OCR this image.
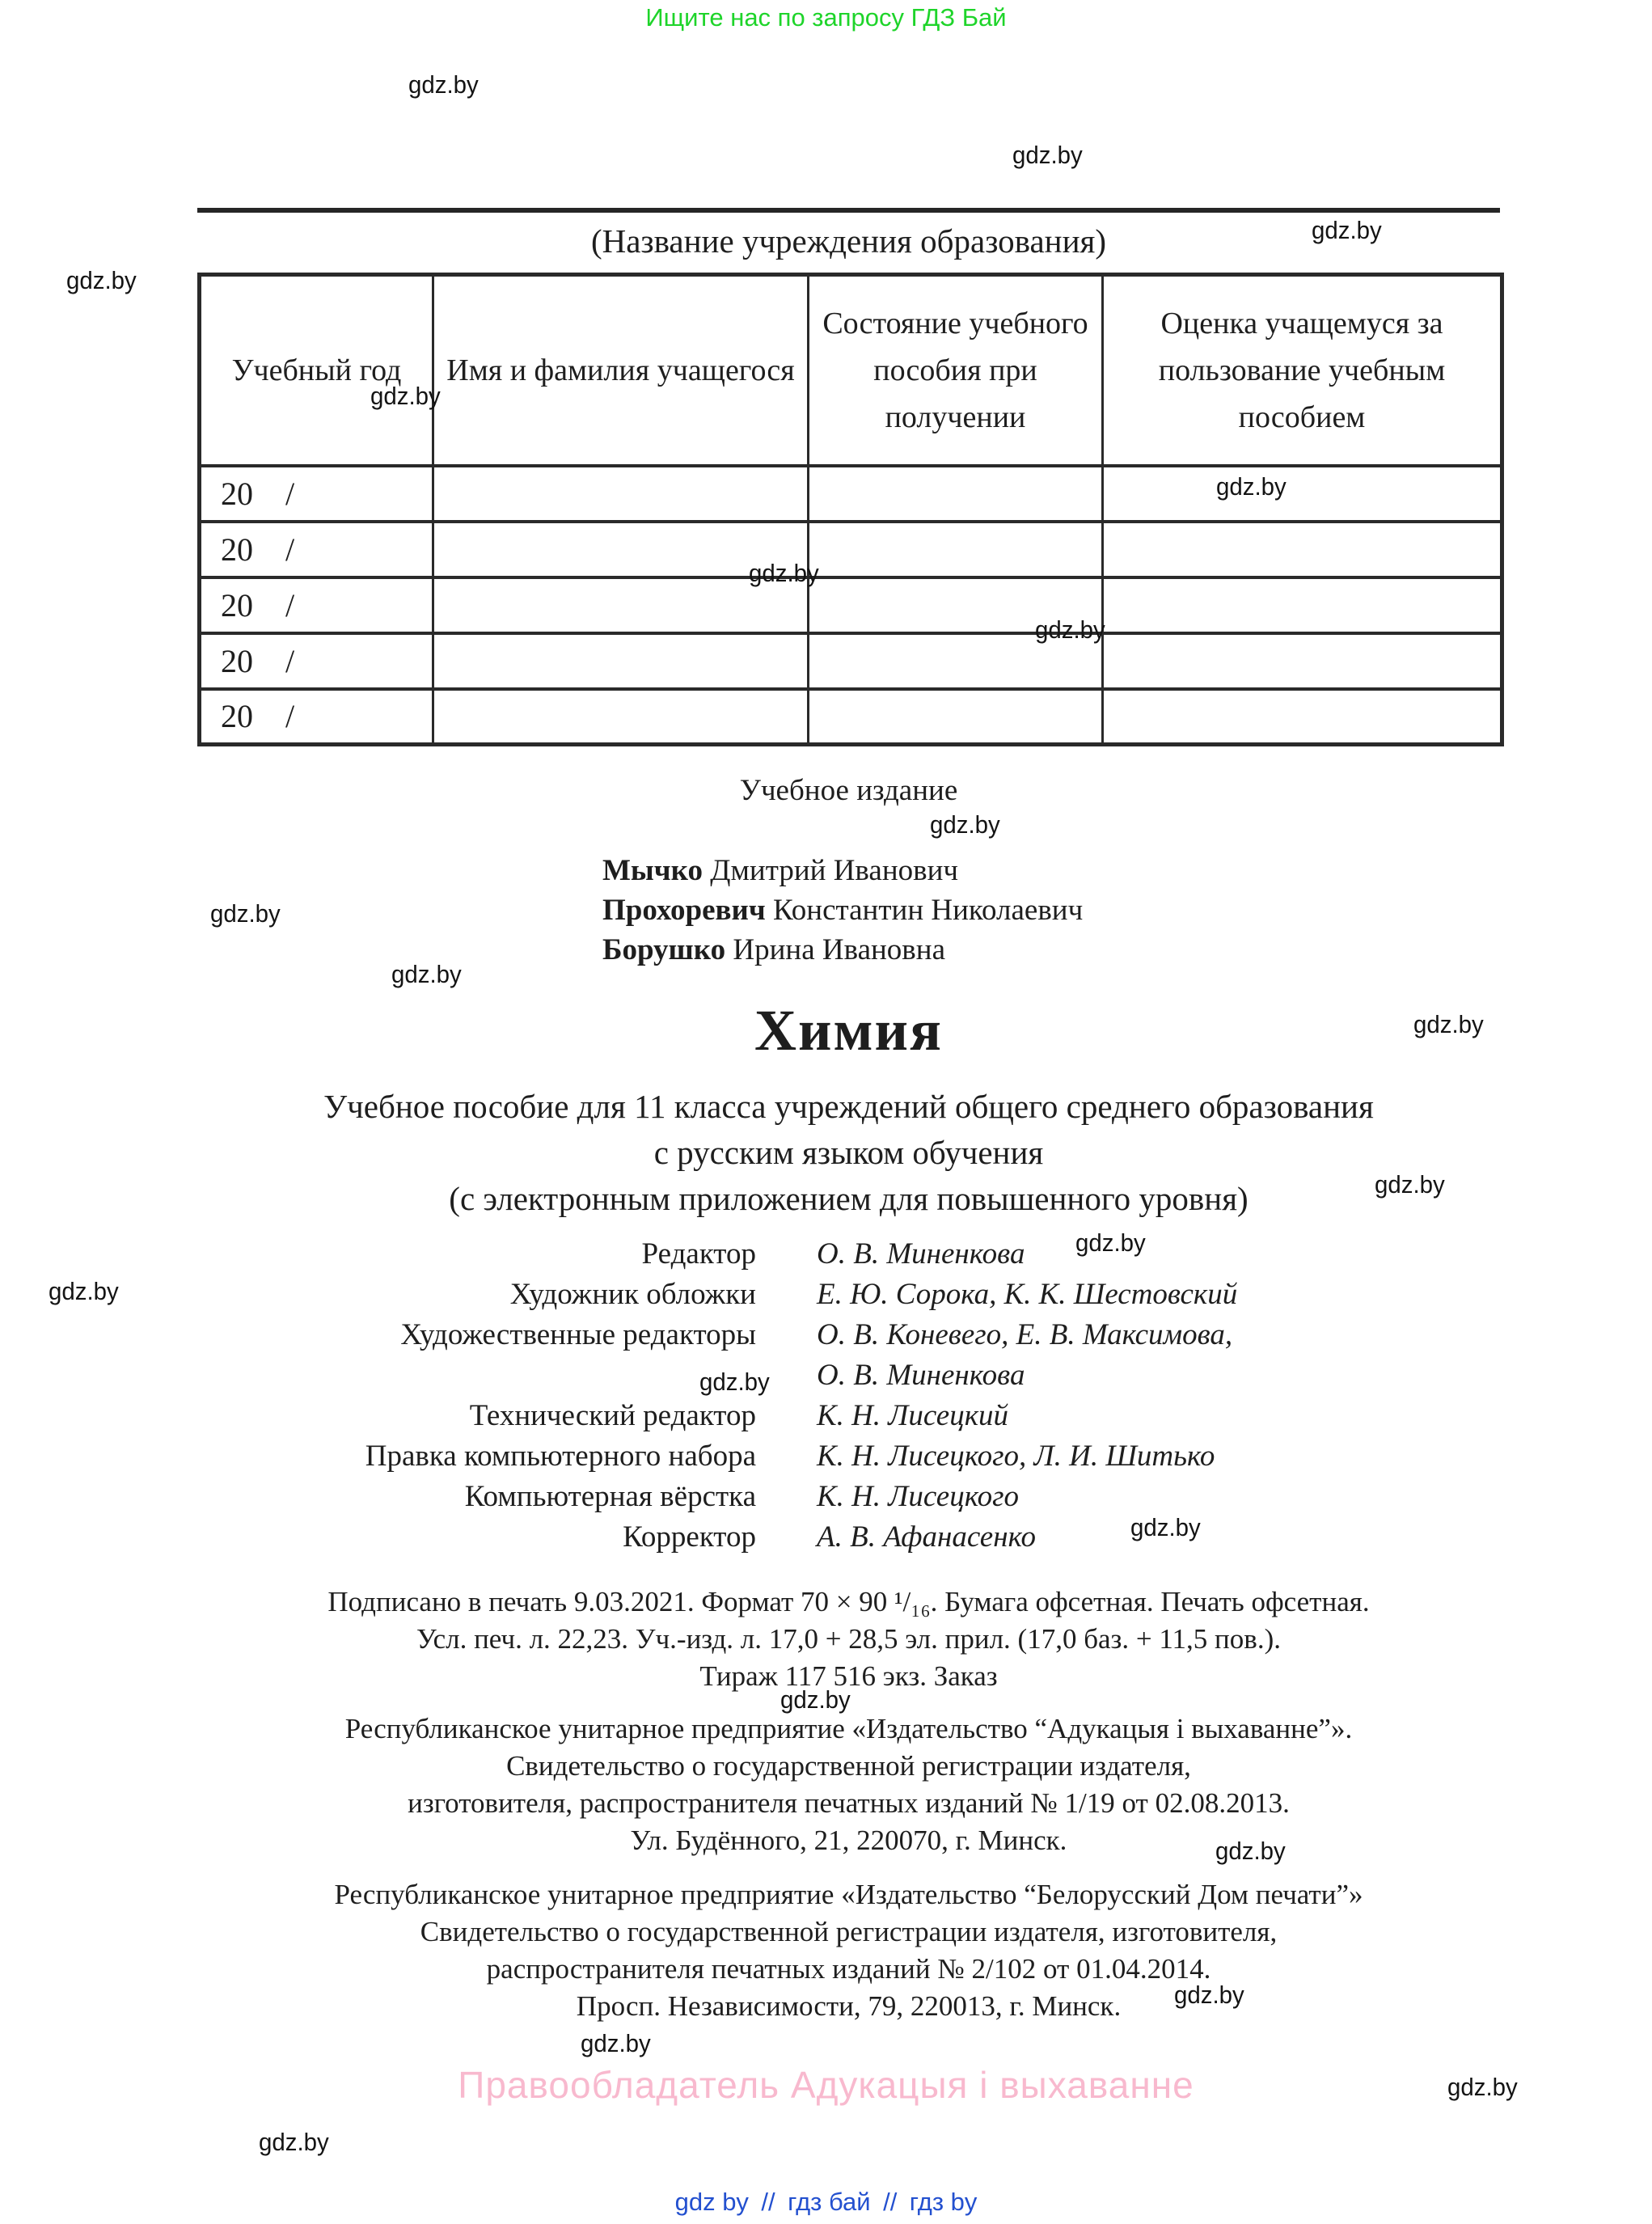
Ищите нас по запросу ГДЗ Бай
(Название учреждения образования)
Учебный год	Имя и фамилия учащегося	Состояние учебного пособия при получении	Оценка учащемуся за пользование учебным пособием
20  /			
20  /			
20  /			
20  /			
20  /			
Учебное издание
Мычко Дмитрий Иванович
Прохоревич Константин Николаевич
Борушко Ирина Ивановна
Химия
Учебное пособие для 11 класса учреждений общего среднего образования
с русским языком обучения
(с электронным приложением для повышенного уровня)
Редактор О. В. Миненкова
Художник обложки Е. Ю. Сорока, К. К. Шестовский
Художественные редакторы О. В. Коневего, Е. В. Максимова,
О. В. Миненкова
Технический редактор К. Н. Лисецкий
Правка компьютерного набора К. Н. Лисецкого, Л. И. Шитько
Компьютерная вёрстка К. Н. Лисецкого
Корректор А. В. Афанасенко
Подписано в печать 9.03.2021. Формат 70 × 90 ¹/₁₆. Бумага офсетная. Печать офсетная.
Усл. печ. л. 22,23. Уч.-изд. л. 17,0 + 28,5 эл. прил. (17,0 баз. + 11,5 пов.).
Тираж 117 516 экз. Заказ
Республиканское унитарное предприятие «Издательство “Адукацыя і выхаванне”».
Свидетельство о государственной регистрации издателя,
изготовителя, распространителя печатных изданий № 1/19 от 02.08.2013.
Ул. Будённого, 21, 220070, г. Минск.
Республиканское унитарное предприятие «Издательство “Белорусский Дом печати”»
Свидетельство о государственной регистрации издателя, изготовителя,
распространителя печатных изданий № 2/102 от 01.04.2014.
Просп. Независимости, 79, 220013, г. Минск.
Правообладатель Адукацыя і выхаванне
gdz by // гдз бай // гдз by
gdz.by
gdz.by
gdz.by
gdz.by
gdz.by
gdz.by
gdz.by
gdz.by
gdz.by
gdz.by
gdz.by
gdz.by
gdz.by
gdz.by
gdz.by
gdz.by
gdz.by
gdz.by
gdz.by
gdz.by
gdz.by
gdz.by
gdz.by
